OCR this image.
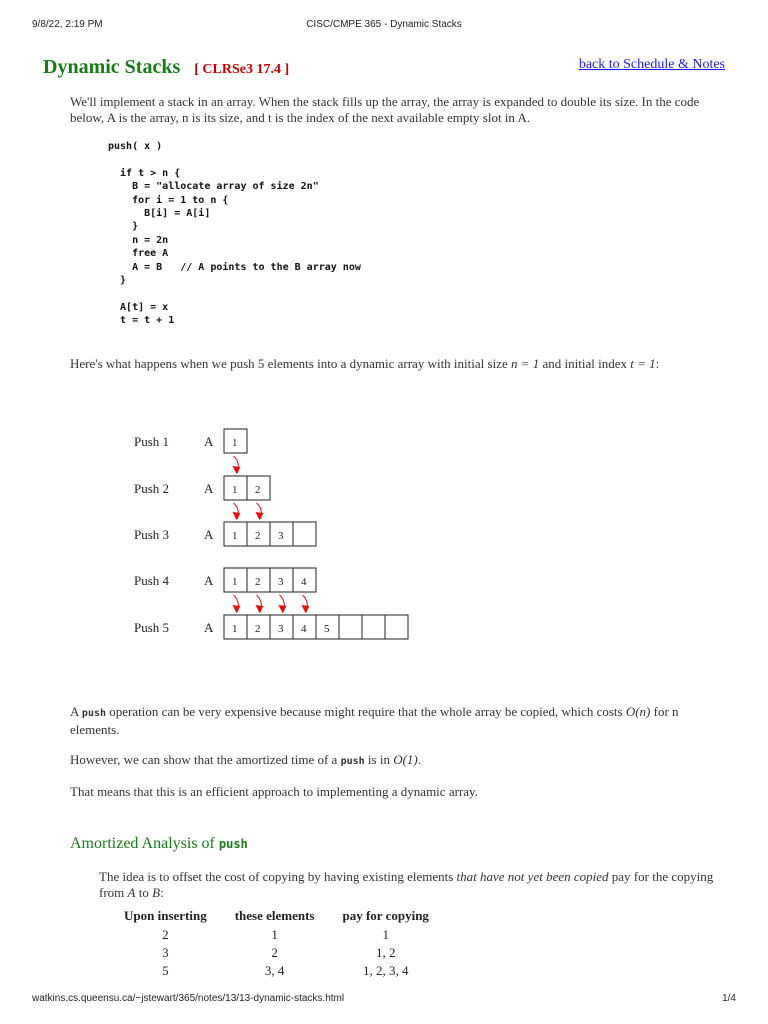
9/8/22, 2:19 PM	CISC/CMPE 365 - Dynamic Stacks
Dynamic Stacks [ CLRSe3 17.4 ]	back to Schedule & Notes
We'll implement a stack in an array. When the stack fills up the array, the array is expanded to double its size. In the code below, A is the array, n is its size, and t is the index of the next available empty slot in A.
push( x )

if t > n {
B = "allocate array of size 2n"
for i = 1 to n {
B[i] = A[i]
}
n = 2n
free A
A = B   // A points to the B array now
}

A[t] = x
t = t + 1
Here's what happens when we push 5 elements into a dynamic array with initial size n = 1 and initial index t = 1:
Push 1	A 1
Push 2	A 1 2
Push 3	A 1 2 3
Push 4	A 1 2 3 4
Push 5	A 1 2 3 4 5
A push operation can be very expensive because might require that the whole array be copied, which costs O(n) for n elements.
However, we can show that the amortized time of a push is in O(1).
That means that this is an efficient approach to implementing a dynamic array.
Amortized Analysis of push
The idea is to offset the cost of copying by having existing elements that have not yet been copied pay for the copying from A to B:
Upon inserting	these elements	pay for copying
2	1	1
3	2	1, 2
5	3, 4	1, 2, 3, 4
watkins.cs.queensu.ca/~jstewart/365/notes/13/13-dynamic-stacks.html	1/4
